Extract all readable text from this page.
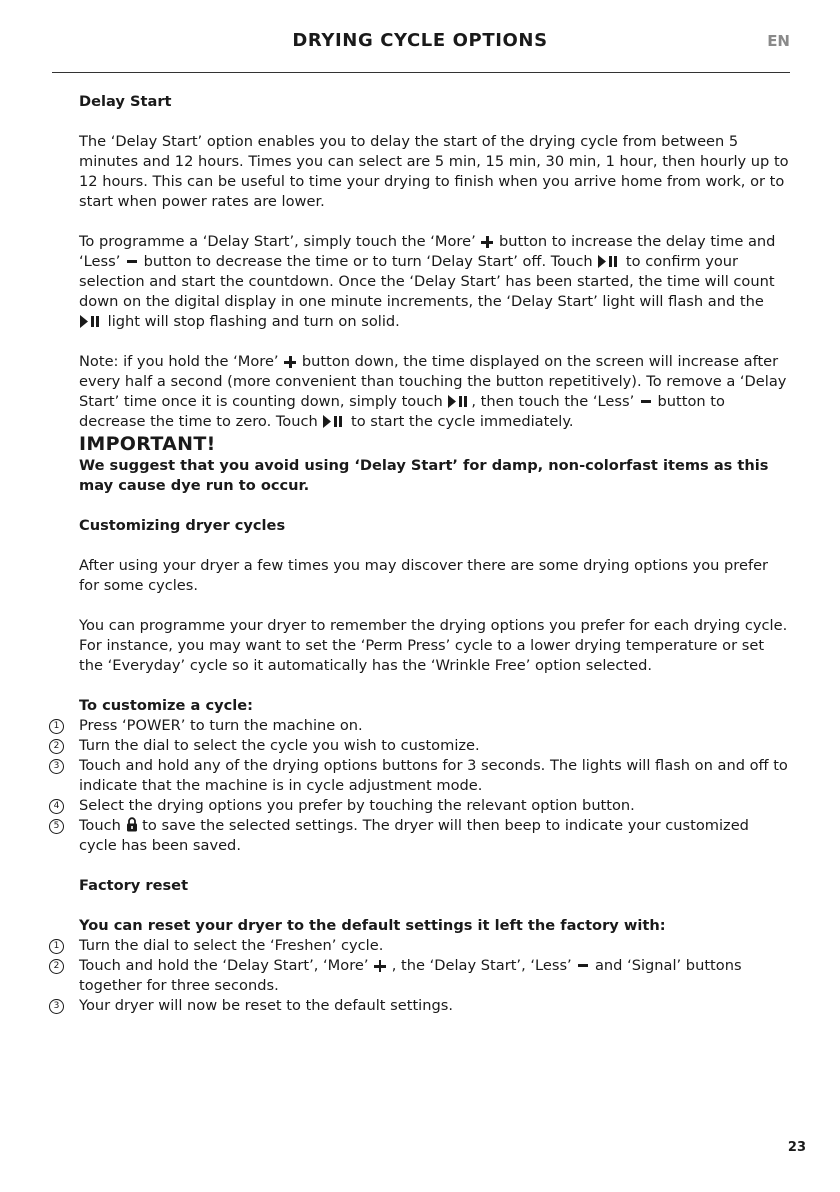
DRYING CYCLE OPTIONS	EN

Delay Start

The ‘Delay Start’ option enables you to delay the start of the drying cycle from between 5 minutes and 12 hours. Times you can select are 5 min, 15 min, 30 min, 1 hour, then hourly up to 12 hours. This can be useful to time your drying to finish when you arrive home from work, or to start when power rates are lower.

To programme a ‘Delay Start’, simply touch the ‘More’ button to increase the delay time and ‘Less’ button to decrease the time or to turn ‘Delay Start’ off. Touch to confirm your selection and start the countdown. Once the ‘Delay Start’ has been started, the time will count down on the digital display in one minute increments, the ‘Delay Start’ light will flash and the  light will stop flashing and turn on solid.

Note: if you hold the ‘More’ button down, the time displayed on the screen will increase after every half a second (more convenient than touching the button repetitively). To remove a ‘Delay Start’ time once it is counting down, simply touch , then touch the ‘Less’ button to decrease the time to zero. Touch to start the cycle immediately.

IMPORTANT!

We suggest that you avoid using ‘Delay Start’ for damp, non-colorfast items as this may cause dye run to occur.

Customizing dryer cycles

After using your dryer a few times you may discover there are some drying options you prefer for some cycles.

You can programme your dryer to remember the drying options you prefer for each drying cycle. For instance, you may want to set the ‘Perm Press’ cycle to a lower drying temperature or set the ‘Everyday’ cycle so it automatically has the ‘Wrinkle Free’ option selected.

To customize a cycle:

1	Press ‘POWER’ to turn the machine on.
2	Turn the dial to select the cycle you wish to customize.
3	Touch and hold any of the drying options buttons for 3 seconds. The lights will flash on and off to indicate that the machine is in cycle adjustment mode.
4	Select the drying options you prefer by touching the relevant option button.
5	Touch to save the selected settings. The dryer will then beep to indicate your customized cycle has been saved.

Factory reset

You can reset your dryer to the default settings it left the factory with:

1	Turn the dial to select the ‘Freshen’ cycle.
2	Touch and hold the ‘Delay Start’, ‘More’ , the ‘Delay Start’, ‘Less’ and ‘Signal’ buttons together for three seconds.
3	Your dryer will now be reset to the default settings.
23
